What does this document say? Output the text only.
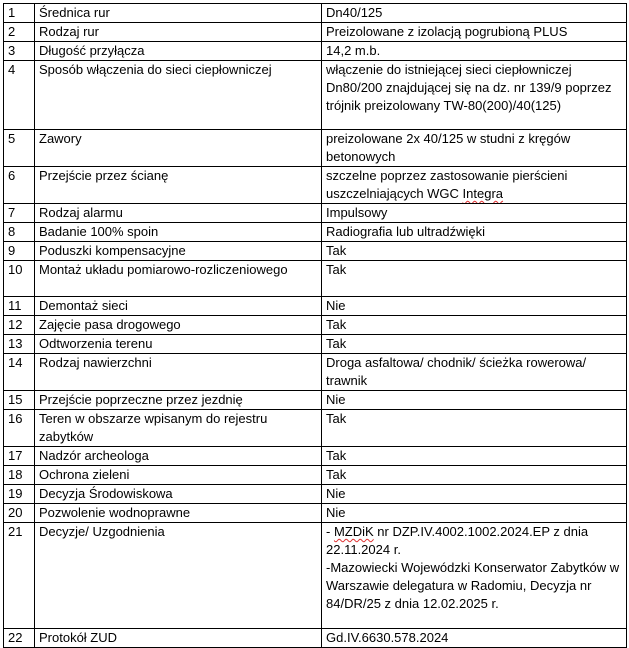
1	Średnica rur	Dn40/125
2	Rodzaj rur	Preizolowane z izolacją pogrubioną PLUS
3	Długość przyłącza	14,2 m.b.
4	Sposób włączenia do sieci ciepłowniczej	włączenie do istniejącej sieci ciepłowniczej Dn80/200 znajdującej się na dz. nr 139/9 poprzez trójnik preizolowany TW-80(200)/40(125)
5	Zawory	preizolowane 2x 40/125 w studni z kręgów betonowych
6	Przejście przez ścianę	szczelne poprzez zastosowanie pierścieni uszczelniających WGC Integra
7	Rodzaj alarmu	Impulsowy
8	Badanie 100% spoin	Radiografia lub ultradźwięki
9	Poduszki kompensacyjne	Tak
10	Montaż układu pomiarowo-rozliczeniowego	Tak
11	Demontaż sieci	Nie
12	Zajęcie pasa drogowego	Tak
13	Odtworzenia terenu	Tak
14	Rodzaj nawierzchni	Droga asfaltowa/ chodnik/ ścieżka rowerowa/ trawnik
15	Przejście poprzeczne przez jezdnię	Nie
16	Teren w obszarze wpisanym do rejestru zabytków	Tak
17	Nadzór archeologa	Tak
18	Ochrona zieleni	Tak
19	Decyzja Środowiskowa	Nie
20	Pozwolenie wodnoprawne	Nie
21	Decyzje/ Uzgodnienia	- MZDiK nr DZP.IV.4002.1002.2024.EP z dnia 22.11.2024 r.
-Mazowiecki Wojewódzki Konserwator Zabytków w Warszawie delegatura w Radomiu, Decyzja nr 84/DR/25 z dnia 12.02.2025 r.

22	Protokół ZUD	Gd.IV.6630.578.2024
